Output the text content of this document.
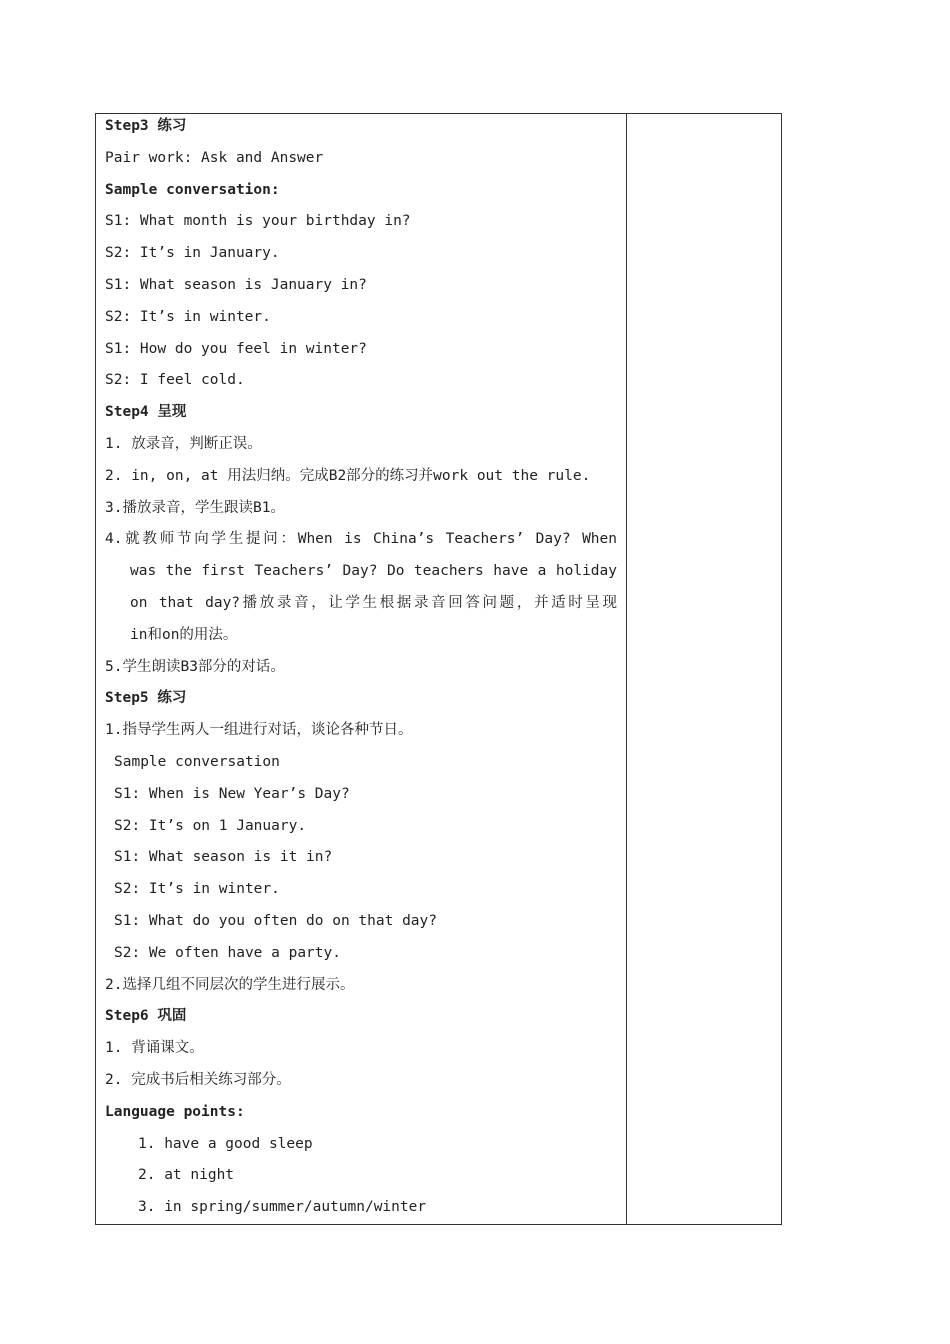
Step3 练习
Pair work: Ask and Answer
Sample conversation:
S1: What month is your birthday in?
S2: It’s in January.
S1: What season is January in?
S2: It’s in winter.
S1: How do you feel in winter?
S2: I feel cold.
Step4 呈现
1. 放录音，判断正误。
2. in, on, at 用法归纳。完成B2部分的练习并work out the rule.
3.播放录音，学生跟读B1。
4.就教师节向学生提问：When is China’s Teachers’ Day? When
was the first Teachers’ Day? Do teachers have a holiday
on that day?播放录音，让学生根据录音回答问题，并适时呈现
in和on的用法。
5.学生朗读B3部分的对话。
Step5 练习
1.指导学生两人一组进行对话，谈论各种节日。
Sample conversation
S1: When is New Year’s Day?
S2: It’s on 1 January.
S1: What season is it in?
S2: It’s in winter.
S1: What do you often do on that day?
S2: We often have a party.
2.选择几组不同层次的学生进行展示。
Step6 巩固
1. 背诵课文。
2. 完成书后相关练习部分。
Language points:
1. have a good sleep
2. at night
3. in spring/summer/autumn/winter
